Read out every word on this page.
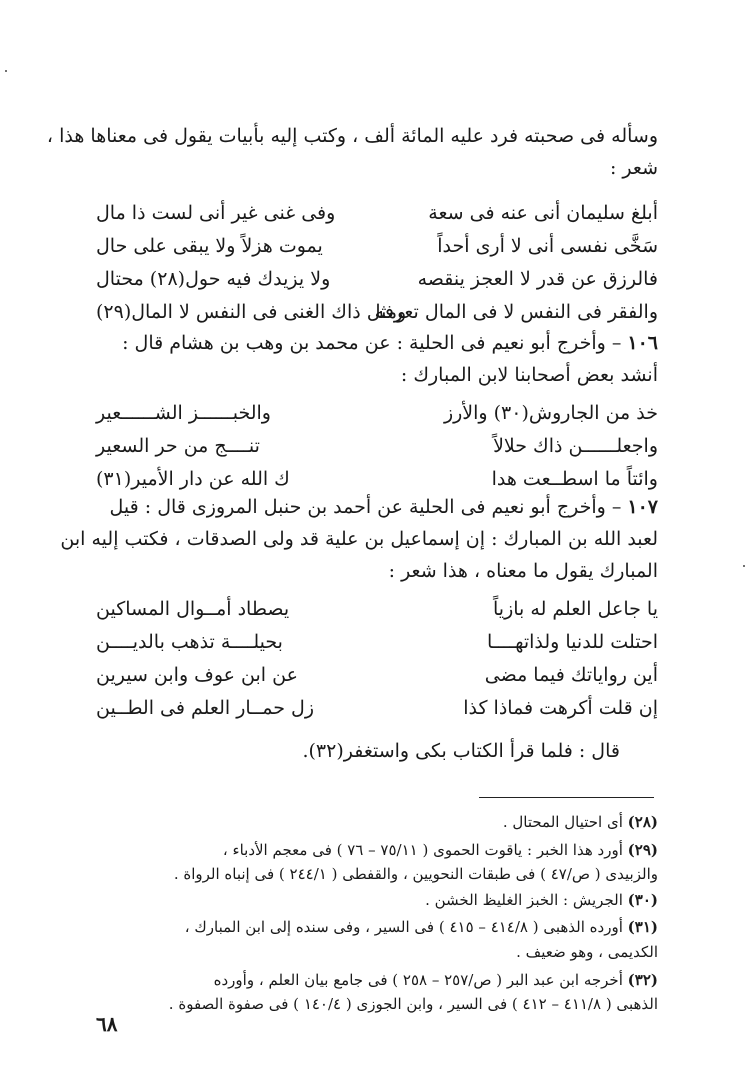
وسأله فى صحبته فرد عليه المائة ألف ، وكتب إليه بأبيات يقول فى معناها هذا ،
شعر :
أبلغ سليمان أنى عنه فى سعة
وفى غنى غير أنى لست ذا مال
سَخَّى نفسى أنى لا أرى أحداً
يموت هزلاً ولا يبقى على حال
فالرزق عن قدر لا العجز ينقصه
ولا يزيدك فيه حول(٢٨) محتال
والفقر فى النفس لا فى المال تعرفه
ومثل ذاك الغنى فى النفس لا المال(٢٩)
١٠٦ – وأخرج أبو نعيم فى الحلية : عن محمد بن وهب بن هشام قال :
أنشد بعض أصحابنا لابن المبارك :
خذ من الجاروش(٣٠) والأرز
والخبــــــز الشــــــعير
واجعلــــــن ذاك حلالاً
تنــــج من حر السعير
وائتاً ما اسطــعت هدا
ك الله عن دار الأمير(٣١)
١٠٧ – وأخرج أبو نعيم فى الحلية عن أحمد بن حنبل المروزى قال : قيل
لعبد الله بن المبارك : إن إسماعيل بن علية قد ولى الصدقات ، فكتب إليه ابن
المبارك يقول ما معناه ، هذا شعر :
يا جاعل العلم له بازياً
يصطاد أمــوال المساكين
احتلت للدنيا ولذاتهــــا
بحيلــــة تذهب بالديــــن
أين رواياتك فيما مضى
عن ابن عوف وابن سيرين
إن قلت أكرهت فماذا كذا
زل حمــار العلم فى الطــين
قال : فلما قرأ الكتاب بكى واستغفر(٣٢).
(٢٨) أى احتيال المحتال .
(٢٩) أورد هذا الخبر : ياقوت الحموى ( ٧٥/١١ – ٧٦ ) فى معجم الأدباء ،
والزبيدى ( ص/٤٧ ) فى طبقات النحويين ، والقفطى ( ٢٤٤/١ ) فى إنباه الرواة .
(٣٠) الجريش : الخبز الغليظ الخشن .
(٣١) أورده الذهبى ( ٤١٤/٨ – ٤١٥ ) فى السير ، وفى سنده إلى ابن المبارك ،
الكديمى ، وهو ضعيف .
(٣٢) أخرجه ابن عبد البر ( ص/٢٥٧ – ٢٥٨ ) فى جامع بيان العلم ، وأورده
الذهبى ( ٤١١/٨ – ٤١٢ ) فى السير ، وابن الجوزى ( ١٤٠/٤ ) فى صفوة الصفوة .
٦٨
